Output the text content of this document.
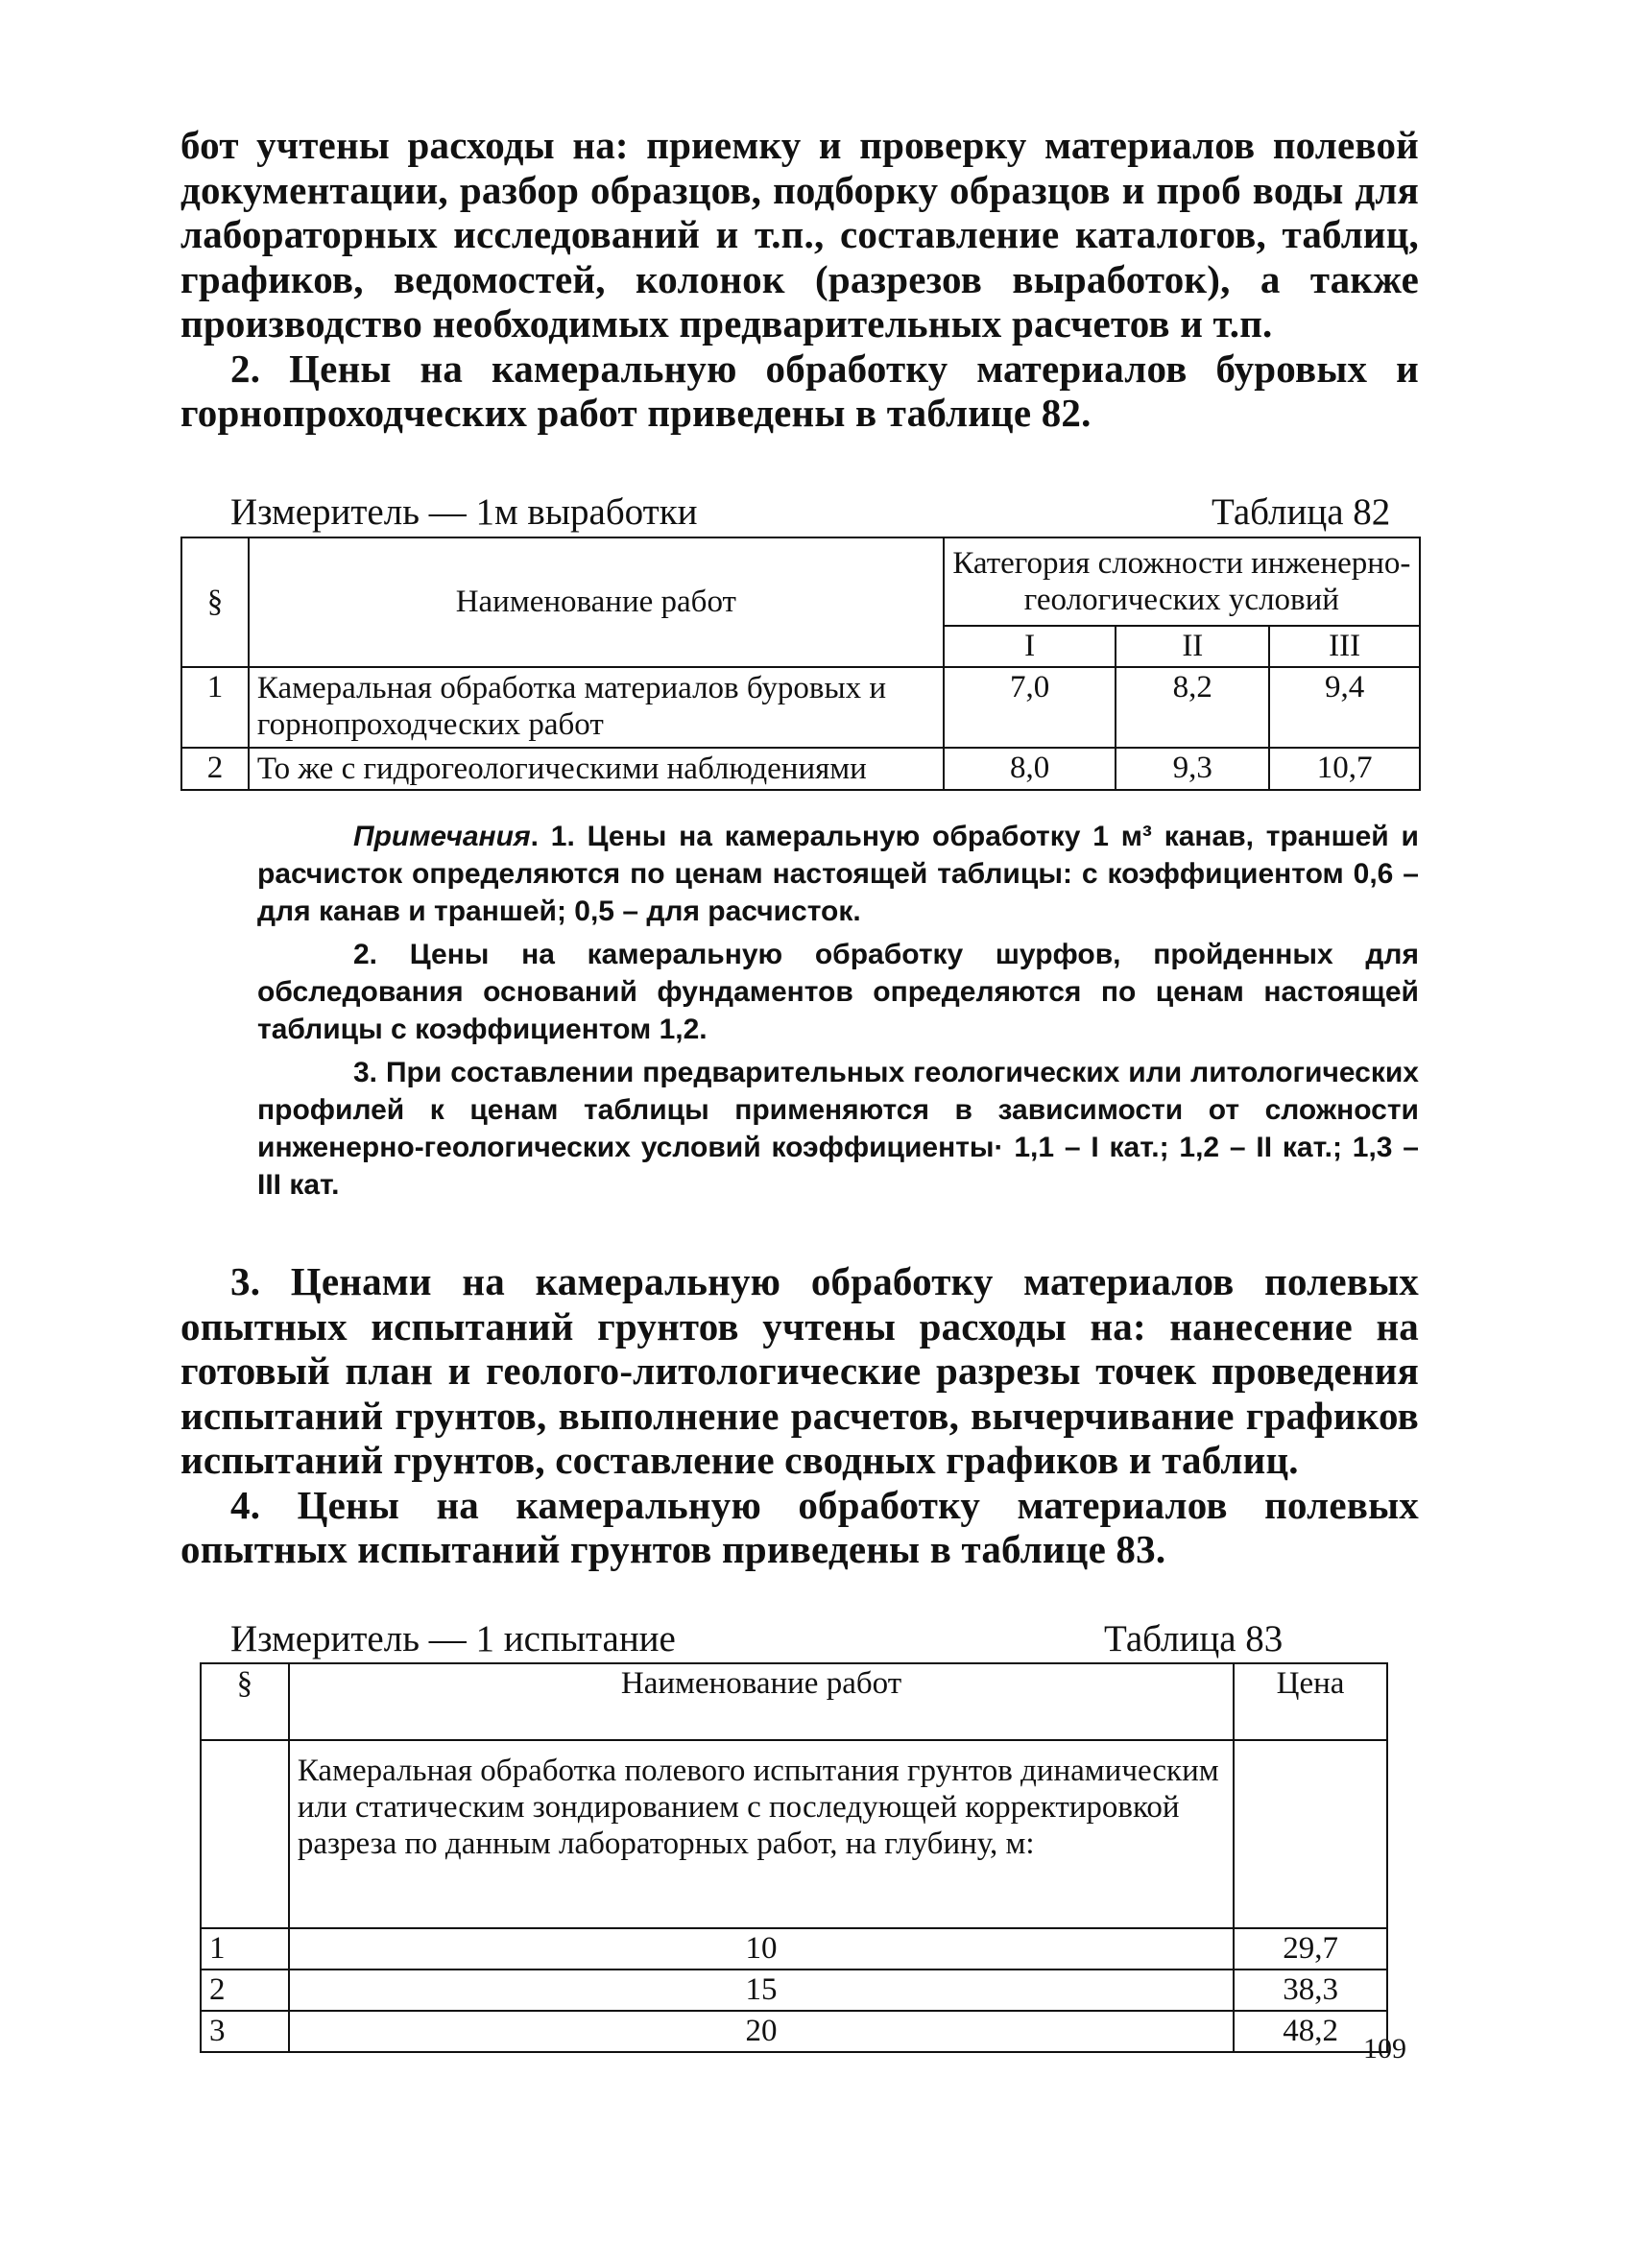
бот учтены расходы на: приемку и проверку материалов полевой документации, разбор образцов, подборку образцов и проб воды для лабораторных исследований и т.п., составление каталогов, таблиц, графиков, ведомостей, колонок (разрезов выработок), а также производство необходимых предварительных расчетов и т.п.

2. Цены на камеральную обработку материалов буровых и горнопроходческих работ приведены в таблице 82.

Измеритель — 1м выработки	Таблица 82
§	Наименование работ	Категория сложности инженерно-геологических условий		
		I	II	III
1	Камеральная обработка материалов буровых и горнопроходческих работ	7,0	8,2	9,4
2	То же с гидрогеологическими наблюдениями	8,0	9,3	10,7

Примечания. 1. Цены на камеральную обработку 1 м³ канав, траншей и расчисток определяются по ценам настоящей таблицы: с коэффициентом 0,6 – для канав и траншей; 0,5 – для расчисток.

2. Цены на камеральную обработку шурфов, пройденных для обследования оснований фундаментов определяются по ценам настоящей таблицы с коэффициентом 1,2.

3. При составлении предварительных геологических или литологических профилей к ценам таблицы применяются в зависимости от сложности инженерно-геологических условий коэффициенты· 1,1 – I кат.; 1,2 – II кат.; 1,3 – III кат.

3. Ценами на камеральную обработку материалов полевых опытных испытаний грунтов учтены расходы на: нанесение на готовый план и геолого-литологические разрезы точек проведения испытаний грунтов, выполнение расчетов, вычерчивание графиков испытаний грунтов, составление сводных графиков и таблиц.

4. Цены на камеральную обработку материалов полевых опытных испытаний грунтов приведены в таблице 83.

Измеритель — 1 испытание	Таблица 83
§	Наименование работ	Цена
	Камеральная обработка полевого испытания грунтов динамическим или статическим зондированием с последующей корректировкой разреза по данным лабораторных работ, на глубину, м:	
1	10	29,7
2	15	38,3
3	20	48,2
109
